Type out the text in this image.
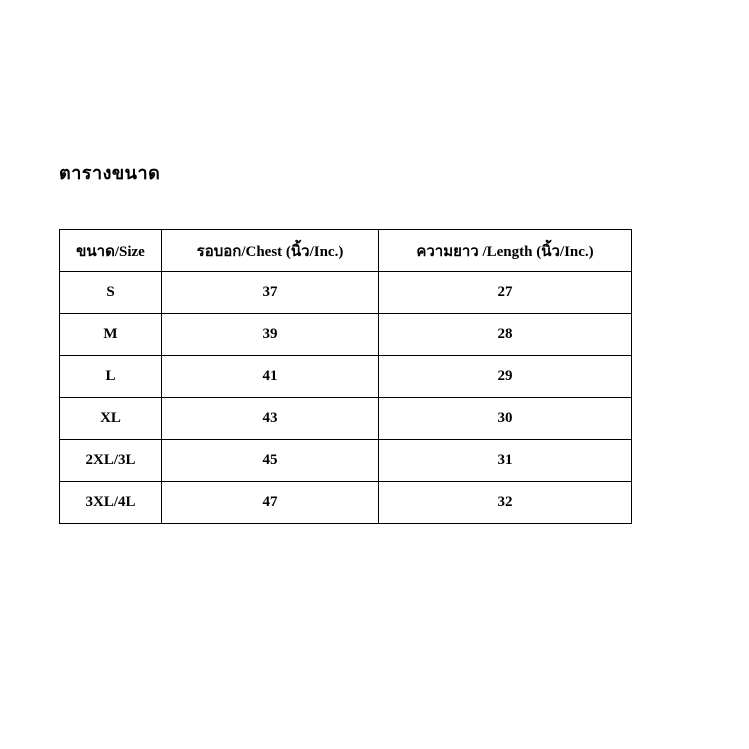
ตารางขนาด
ขนาด/Size	รอบอก/Chest (นิ้ว/Inc.)	ความยาว /Length (นิ้ว/Inc.)
S	37	27
M	39	28
L	41	29
XL	43	30
2XL/3L	45	31
3XL/4L	47	32
